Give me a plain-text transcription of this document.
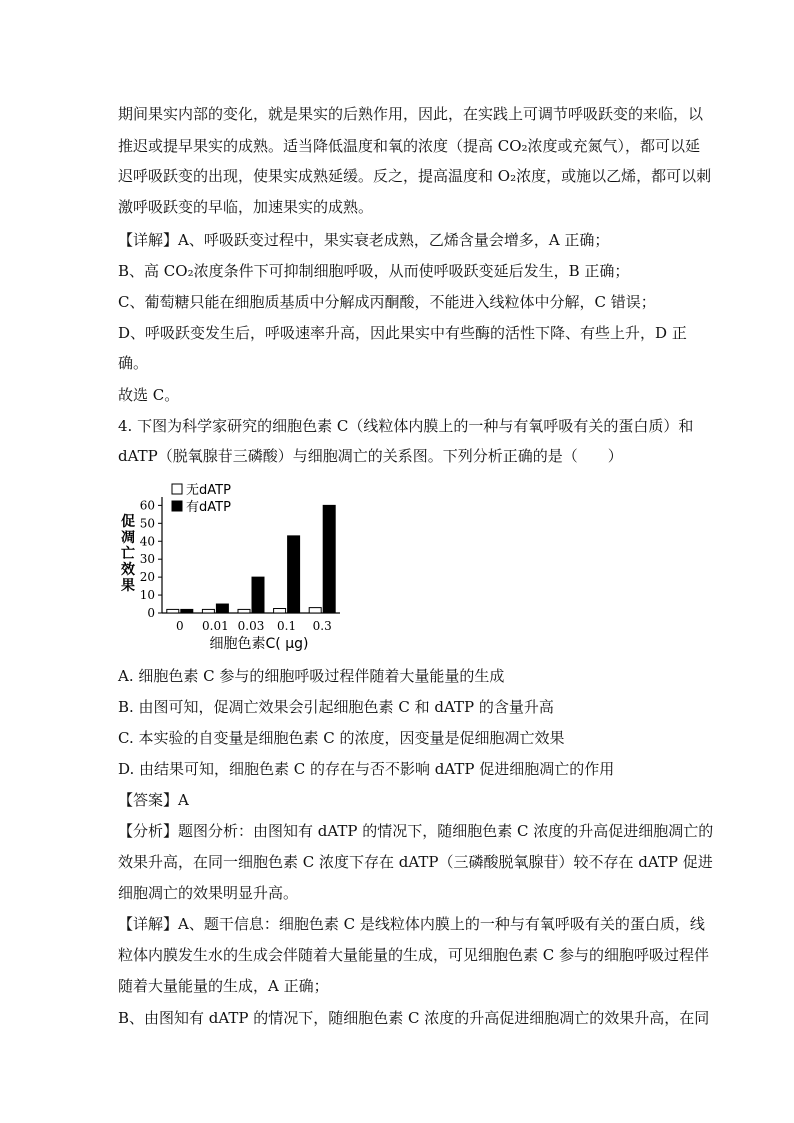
期间果实内部的变化，就是果实的后熟作用，因此，在实践上可调节呼吸跃变的来临，以
推迟或提早果实的成熟。适当降低温度和氧的浓度（提高 CO₂浓度或充氮气），都可以延
迟呼吸跃变的出现，使果实成熟延缓。反之，提高温度和 O₂浓度，或施以乙烯，都可以刺
激呼吸跃变的早临，加速果实的成熟。
【详解】A、呼吸跃变过程中，果实衰老成熟，乙烯含量会增多，A 正确；
B、高 CO₂浓度条件下可抑制细胞呼吸，从而使呼吸跃变延后发生，B 正确；
C、葡萄糖只能在细胞质基质中分解成丙酮酸，不能进入线粒体中分解，C 错误；
D、呼吸跃变发生后，呼吸速率升高，因此果实中有些酶的活性下降、有些上升，D 正
确。
故选 C。
4. 下图为科学家研究的细胞色素 C（线粒体内膜上的一种与有氧呼吸有关的蛋白质）和
dATP（脱氧腺苷三磷酸）与细胞凋亡的关系图。下列分析正确的是（　　）
0
10
20
30
40
50
60
促
凋
亡
效
果
0 0.01 0.03 0.1 0.3
细胞色素C( μg)
无dATP
有dATP
A. 细胞色素 C 参与的细胞呼吸过程伴随着大量能量的生成
B. 由图可知，促凋亡效果会引起细胞色素 C 和 dATP 的含量升高
C. 本实验的自变量是细胞色素 C 的浓度，因变量是促细胞凋亡效果
D. 由结果可知，细胞色素 C 的存在与否不影响 dATP 促进细胞凋亡的作用
【答案】A
【分析】题图分析：由图知有 dATP 的情况下，随细胞色素 C 浓度的升高促进细胞凋亡的
效果升高，在同一细胞色素 C 浓度下存在 dATP（三磷酸脱氧腺苷）较不存在 dATP 促进
细胞凋亡的效果明显升高。
【详解】A、题干信息：细胞色素 C 是线粒体内膜上的一种与有氧呼吸有关的蛋白质，线
粒体内膜发生水的生成会伴随着大量能量的生成，可见细胞色素 C 参与的细胞呼吸过程伴
随着大量能量的生成，A 正确；
B、由图知有 dATP 的情况下，随细胞色素 C 浓度的升高促进细胞凋亡的效果升高，在同
